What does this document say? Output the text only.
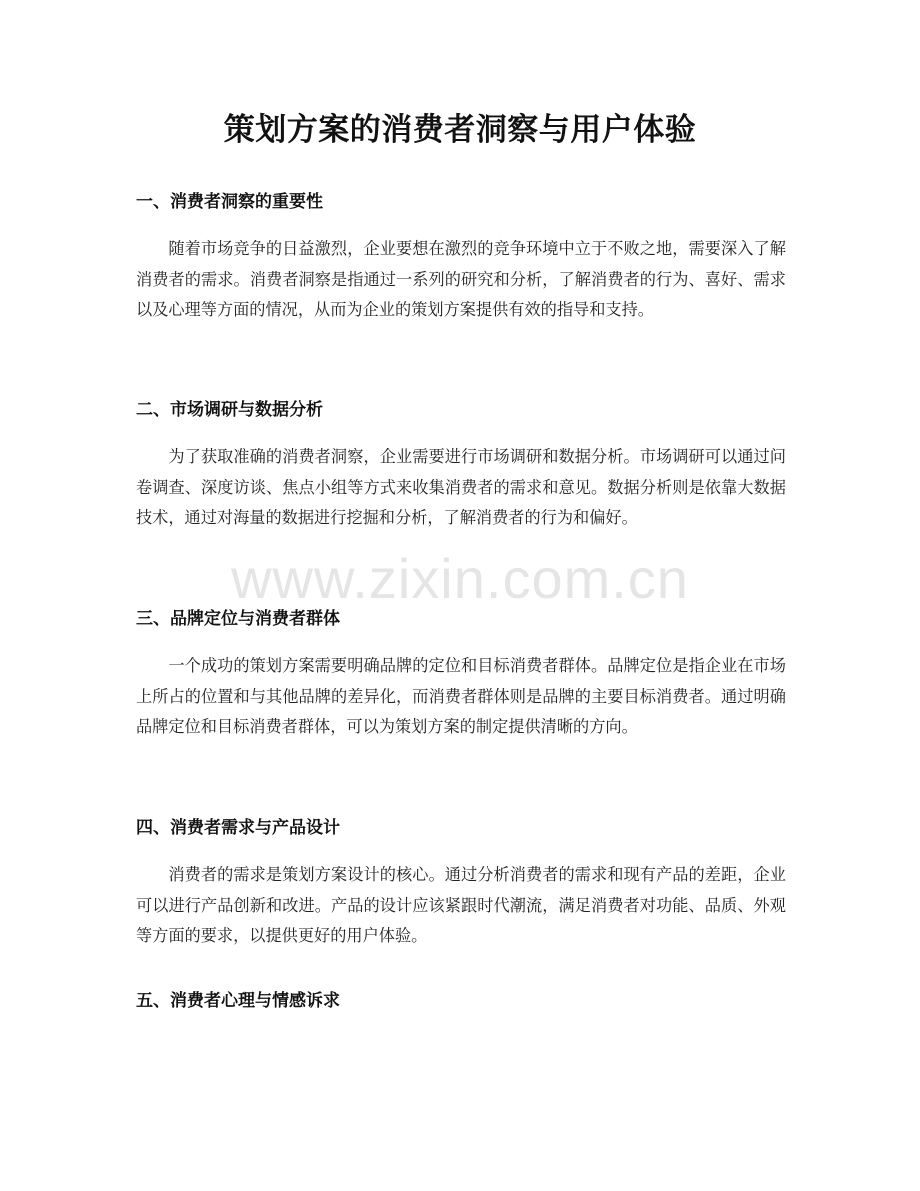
策划方案的消费者洞察与用户体验
一、消费者洞察的重要性

随着市场竞争的日益激烈，企业要想在激烈的竞争环境中立于不败之地，需要深入了解消费者的需求。消费者洞察是指通过一系列的研究和分析，了解消费者的行为、喜好、需求以及心理等方面的情况，从而为企业的策划方案提供有效的指导和支持。

二、市场调研与数据分析

为了获取准确的消费者洞察，企业需要进行市场调研和数据分析。市场调研可以通过问卷调查、深度访谈、焦点小组等方式来收集消费者的需求和意见。数据分析则是依靠大数据技术，通过对海量的数据进行挖掘和分析，了解消费者的行为和偏好。

三、品牌定位与消费者群体

一个成功的策划方案需要明确品牌的定位和目标消费者群体。品牌定位是指企业在市场上所占的位置和与其他品牌的差异化，而消费者群体则是品牌的主要目标消费者。通过明确品牌定位和目标消费者群体，可以为策划方案的制定提供清晰的方向。

四、消费者需求与产品设计

消费者的需求是策划方案设计的核心。通过分析消费者的需求和现有产品的差距，企业可以进行产品创新和改进。产品的设计应该紧跟时代潮流，满足消费者对功能、品质、外观等方面的要求，以提供更好的用户体验。

五、消费者心理与情感诉求
www.zixin.com.cn
